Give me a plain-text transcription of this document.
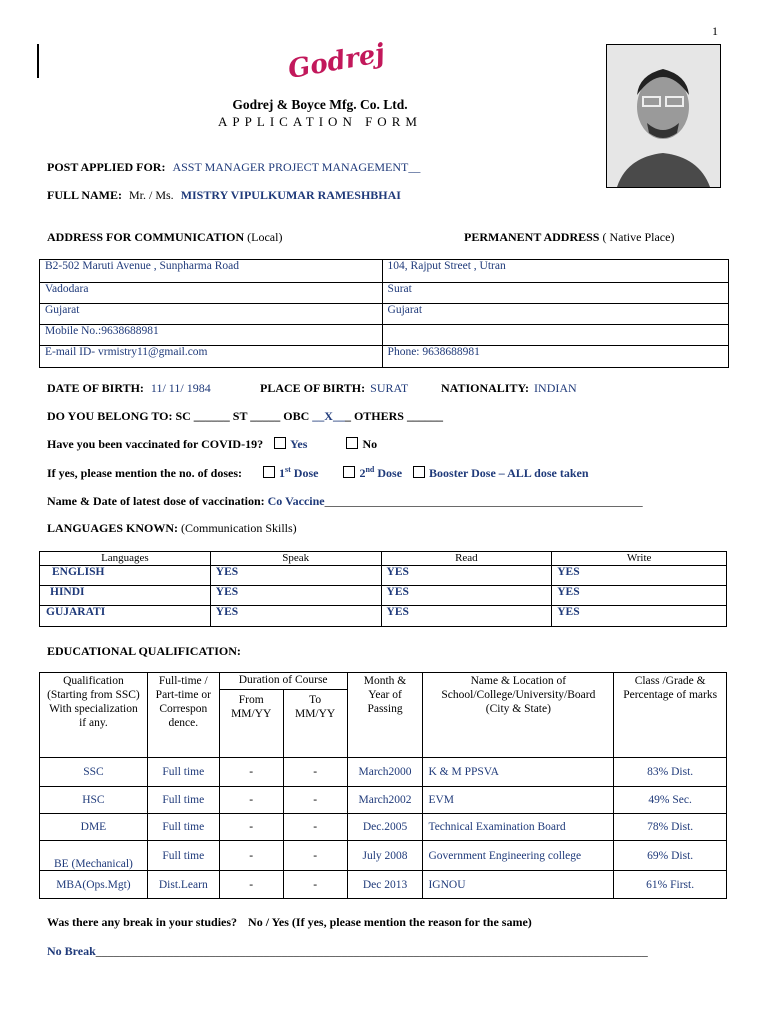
1
Godrej
Godrej & Boyce Mfg. Co. Ltd.
APPLICATION FORM
POST APPLIED FOR: ASST MANAGER PROJECT MANAGEMENT__
FULL NAME: Mr. / Ms. MISTRY VIPULKUMAR RAMESHBHAI
ADDRESS FOR COMMUNICATION (Local)	PERMANENT ADDRESS ( Native Place)
B2-502 Maruti Avenue , Sunpharma Road	104, Rajput Street , Utran
Vadodara	Surat
Gujarat	Gujarat
Mobile No.:9638688981	
E-mail ID- vrmistry11@gmail.com	Phone: 9638688981
DATE OF BIRTH: 11/ 11/ 1984	PLACE OF BIRTH: SURAT	NATIONALITY: INDIAN
DO YOU BELONG TO: SC ______ ST _____ OBC __X___ OTHERS ______
Have you been vaccinated for COVID-19? Yes	No
If yes, please mention the no. of doses:	1st Dose	2nd Dose Booster Dose – ALL dose taken
Name & Date of latest dose of vaccination: Co Vaccine_____________________________________________________
LANGUAGES KNOWN: (Communication Skills)
Languages	Speak	Read	Write
ENGLISH	YES	YES	YES
HINDI	YES	YES	YES
GUJARATI	YES	YES	YES
EDUCATIONAL QUALIFICATION:
Qualification (Starting from SSC) With specialization if any.	Full-time / Part-time or Correspon dence.	Duration of Course		Month & Year of Passing	Name & Location of School/College/University/Board (City & State)	Class /Grade & Percentage of marks
		From MM/YY	To MM/YY			
SSC	Full time	-	-	March2000	K & M PPSVA	83% Dist.
HSC	Full time	-	-	March2002	EVM	49% Sec.
DME	Full time	-	-	Dec.2005	Technical Examination Board	78% Dist.
BE (Mechanical)	Full time	-	-	July 2008	Government Engineering college	69% Dist.
MBA(Ops.Mgt)	Dist.Learn	-	-	Dec 2013	IGNOU	61% First.
Was there any break in your studies? No / Yes (If yes, please mention the reason for the same)
No Break____________________________________________________________________________________________
